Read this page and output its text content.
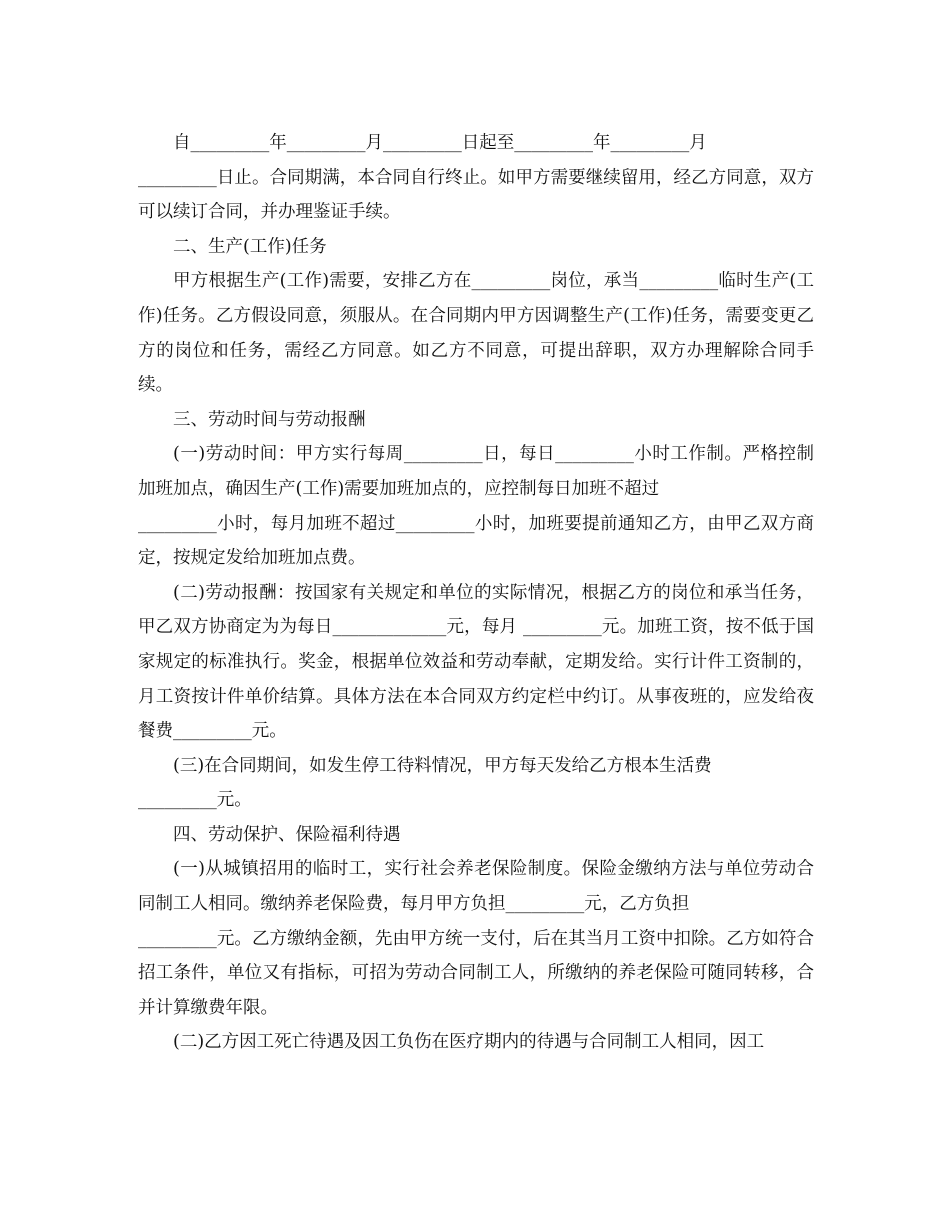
自_________年_________月_________日起至_________年_________月

_________日止。合同期满，本合同自行终止。如甲方需要继续留用，经乙方同意，双方可以续订合同，并办理鉴证手续。

二、生产(工作)任务

甲方根据生产(工作)需要，安排乙方在_________岗位，承当_________临时生产(工作)任务。乙方假设同意，须服从。在合同期内甲方因调整生产(工作)任务，需要变更乙方的岗位和任务，需经乙方同意。如乙方不同意，可提出辞职，双方办理解除合同手续。

三、劳动时间与劳动报酬

(一)劳动时间：甲方实行每周_________日，每日_________小时工作制。严格控制加班加点，确因生产(工作)需要加班加点的，应控制每日加班不超过

_________小时，每月加班不超过_________小时，加班要提前通知乙方，由甲乙双方商定，按规定发给加班加点费。

(二)劳动报酬：按国家有关规定和单位的实际情况，根据乙方的岗位和承当任务，甲乙双方协商定为为每日_____________元，每月 _________元。加班工资，按不低于国家规定的标准执行。奖金，根据单位效益和劳动奉献，定期发给。实行计件工资制的，月工资按计件单价结算。具体方法在本合同双方约定栏中约订。从事夜班的，应发给夜餐费_________元。

(三)在合同期间，如发生停工待料情况，甲方每天发给乙方根本生活费

_________元。

四、劳动保护、保险福利待遇

(一)从城镇招用的临时工，实行社会养老保险制度。保险金缴纳方法与单位劳动合同制工人相同。缴纳养老保险费，每月甲方负担_________元，乙方负担

_________元。乙方缴纳金额，先由甲方统一支付，后在其当月工资中扣除。乙方如符合招工条件，单位又有指标，可招为劳动合同制工人，所缴纳的养老保险可随同转移，合并计算缴费年限。

(二)乙方因工死亡待遇及因工负伤在医疗期内的待遇与合同制工人相同，因工
